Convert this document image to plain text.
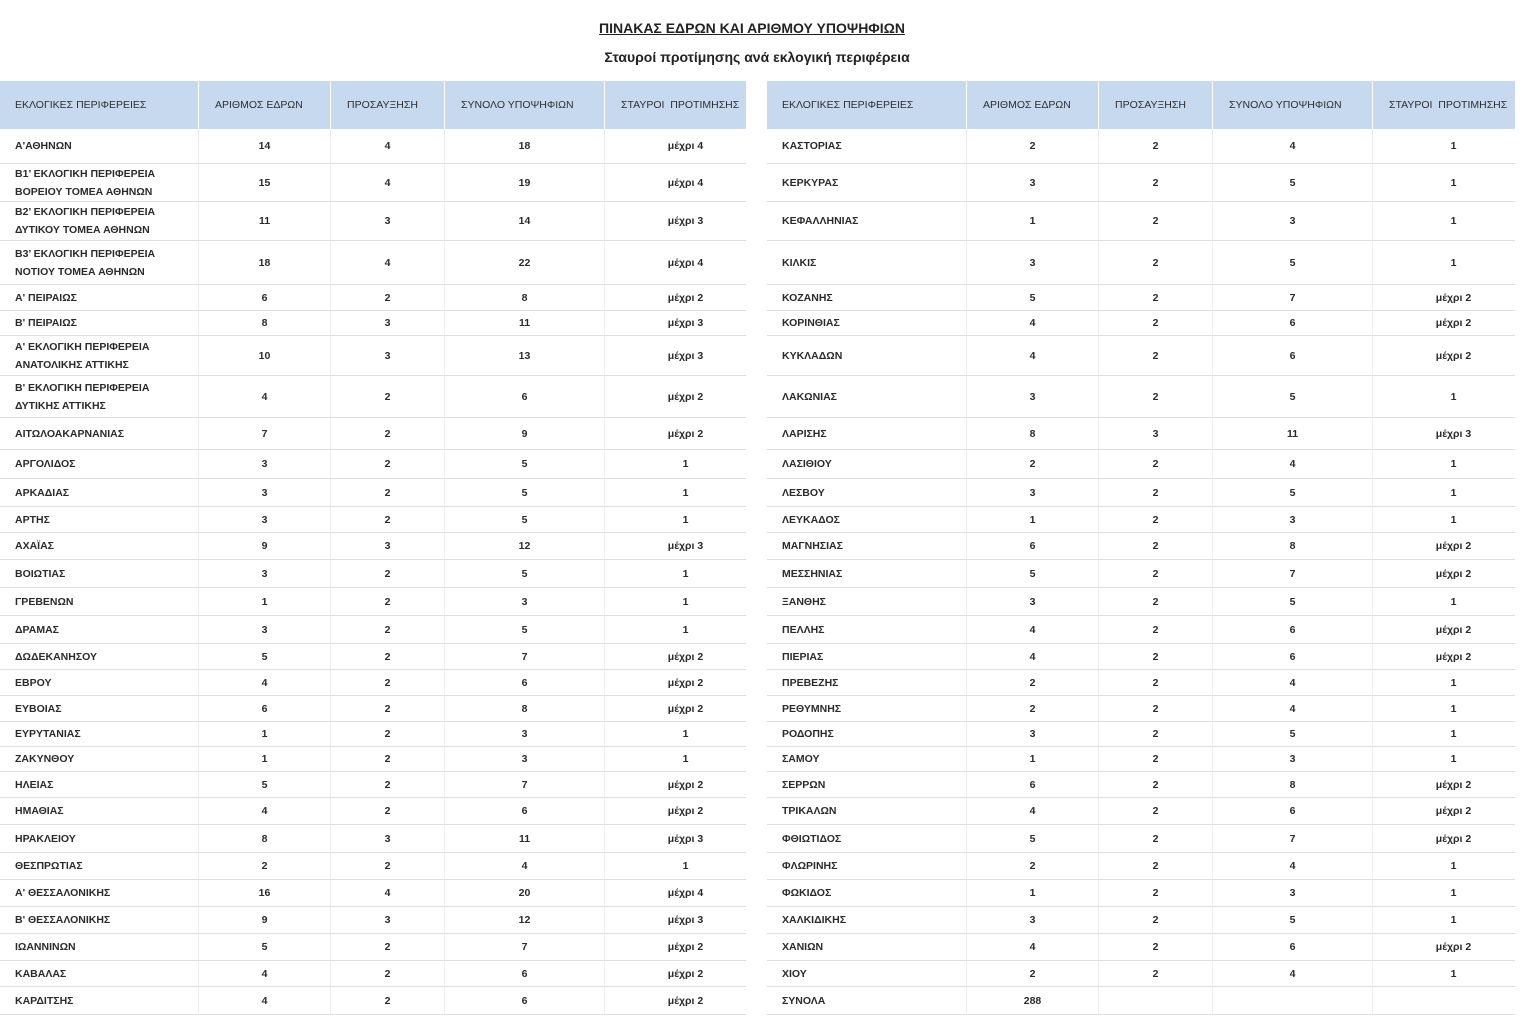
ΠΙΝΑΚΑΣ ΕΔΡΩΝ ΚΑΙ ΑΡΙΘΜΟΥ ΥΠΟΨΗΦΙΩΝ
Σταυροί προτίμησης ανά εκλογική περιφέρεια
ΕΚΛΟΓΙΚΕΣ ΠΕΡΙΦΕΡΕΙΕΣ	ΑΡΙΘΜΟΣ ΕΔΡΩΝ	ΠΡΟΣΑΥΞΗΣΗ	ΣΥΝΟΛΟ ΥΠΟΨΗΦΙΩΝ	ΣΤΑΥΡΟΙ  ΠΡΟΤΙΜΗΣΗΣ
Α'ΑΘΗΝΩΝ	14	4	18	μέχρι 4
Β1’ ΕΚΛΟΓΙΚΗ ΠΕΡΙΦΕΡΕΙΑ ΒΟΡΕΙΟΥ ΤΟΜΕΑ ΑΘΗΝΩΝ
15	4	19	μέχρι 4
Β2’ ΕΚΛΟΓΙΚΗ ΠΕΡΙΦΕΡΕΙΑ ΔΥΤΙΚΟΥ ΤΟΜΕΑ ΑΘΗΝΩΝ
11	3	14	μέχρι 3
Β3’ ΕΚΛΟΓΙΚΗ ΠΕΡΙΦΕΡΕΙΑ ΝΟΤΙΟΥ ΤΟΜΕΑ ΑΘΗΝΩΝ
18	4	22	μέχρι 4
Α' ΠΕΙΡΑΙΩΣ	6	2	8	μέχρι 2
Β' ΠΕΙΡΑΙΩΣ	8	3	11	μέχρι 3
Α' ΕΚΛΟΓΙΚΗ ΠΕΡΙΦΕΡΕΙΑ ΑΝΑΤΟΛΙΚΗΣ ΑΤΤΙΚΗΣ
10	3	13	μέχρι 3
Β' ΕΚΛΟΓΙΚΗ ΠΕΡΙΦΕΡΕΙΑ ΔΥΤΙΚΗΣ ΑΤΤΙΚΗΣ
4	2	6	μέχρι 2
ΑΙΤΩΛΟΑΚΑΡΝΑΝΙΑΣ	7	2	9	μέχρι 2
ΑΡΓΟΛΙΔΟΣ	3	2	5	1
ΑΡΚΑΔΙΑΣ	3	2	5	1
ΑΡΤΗΣ	3	2	5	1
ΑΧΑΪΑΣ	9	3	12	μέχρι 3
ΒΟΙΩΤΙΑΣ	3	2	5	1
ΓΡΕΒΕΝΩΝ	1	2	3	1
ΔΡΑΜΑΣ	3	2	5	1
ΔΩΔΕΚΑΝΗΣΟΥ	5	2	7	μέχρι 2
ΕΒΡΟΥ	4	2	6	μέχρι 2
ΕΥΒΟΙΑΣ	6	2	8	μέχρι 2
ΕΥΡΥΤΑΝΙΑΣ	1	2	3	1
ΖΑΚΥΝΘΟΥ	1	2	3	1
ΗΛΕΙΑΣ	5	2	7	μέχρι 2
ΗΜΑΘΙΑΣ	4	2	6	μέχρι 2
ΗΡΑΚΛΕΙΟΥ	8	3	11	μέχρι 3
ΘΕΣΠΡΩΤΙΑΣ	2	2	4	1
Α' ΘΕΣΣΑΛΟΝΙΚΗΣ	16	4	20	μέχρι 4
Β' ΘΕΣΣΑΛΟΝΙΚΗΣ	9	3	12	μέχρι 3
ΙΩΑΝΝΙΝΩΝ	5	2	7	μέχρι 2
ΚΑΒΑΛΑΣ	4	2	6	μέχρι 2
ΚΑΡΔΙΤΣΗΣ	4	2	6	μέχρι 2
ΕΚΛΟΓΙΚΕΣ ΠΕΡΙΦΕΡΕΙΕΣ	ΑΡΙΘΜΟΣ ΕΔΡΩΝ	ΠΡΟΣΑΥΞΗΣΗ	ΣΥΝΟΛΟ ΥΠΟΨΗΦΙΩΝ	ΣΤΑΥΡΟΙ  ΠΡΟΤΙΜΗΣΗΣ
ΚΑΣΤΟΡΙΑΣ	2	2	4	1
ΚΕΡΚΥΡΑΣ	3	2	5	1
ΚΕΦΑΛΛΗΝΙΑΣ	1	2	3	1
ΚΙΛΚΙΣ	3	2	5	1
ΚΟΖΑΝΗΣ	5	2	7	μέχρι 2
ΚΟΡΙΝΘΙΑΣ	4	2	6	μέχρι 2
ΚΥΚΛΑΔΩΝ	4	2	6	μέχρι 2
ΛΑΚΩΝΙΑΣ	3	2	5	1
ΛΑΡΙΣΗΣ	8	3	11	μέχρι 3
ΛΑΣΙΘΙΟΥ	2	2	4	1
ΛΕΣΒΟΥ	3	2	5	1
ΛΕΥΚΑΔΟΣ	1	2	3	1
ΜΑΓΝΗΣΙΑΣ	6	2	8	μέχρι 2
ΜΕΣΣΗΝΙΑΣ	5	2	7	μέχρι 2
ΞΑΝΘΗΣ	3	2	5	1
ΠΕΛΛΗΣ	4	2	6	μέχρι 2
ΠΙΕΡΙΑΣ	4	2	6	μέχρι 2
ΠΡΕΒΕΖΗΣ	2	2	4	1
ΡΕΘΥΜΝΗΣ	2	2	4	1
ΡΟΔΟΠΗΣ	3	2	5	1
ΣΑΜΟΥ	1	2	3	1
ΣΕΡΡΩΝ	6	2	8	μέχρι 2
ΤΡΙΚΑΛΩΝ	4	2	6	μέχρι 2
ΦΘΙΩΤΙΔΟΣ	5	2	7	μέχρι 2
ΦΛΩΡΙΝΗΣ	2	2	4	1
ΦΩΚΙΔΟΣ	1	2	3	1
ΧΑΛΚΙΔΙΚΗΣ	3	2	5	1
ΧΑΝΙΩΝ	4	2	6	μέχρι 2
ΧΙΟΥ	2	2	4	1
ΣΥΝΟΛΑ	288
